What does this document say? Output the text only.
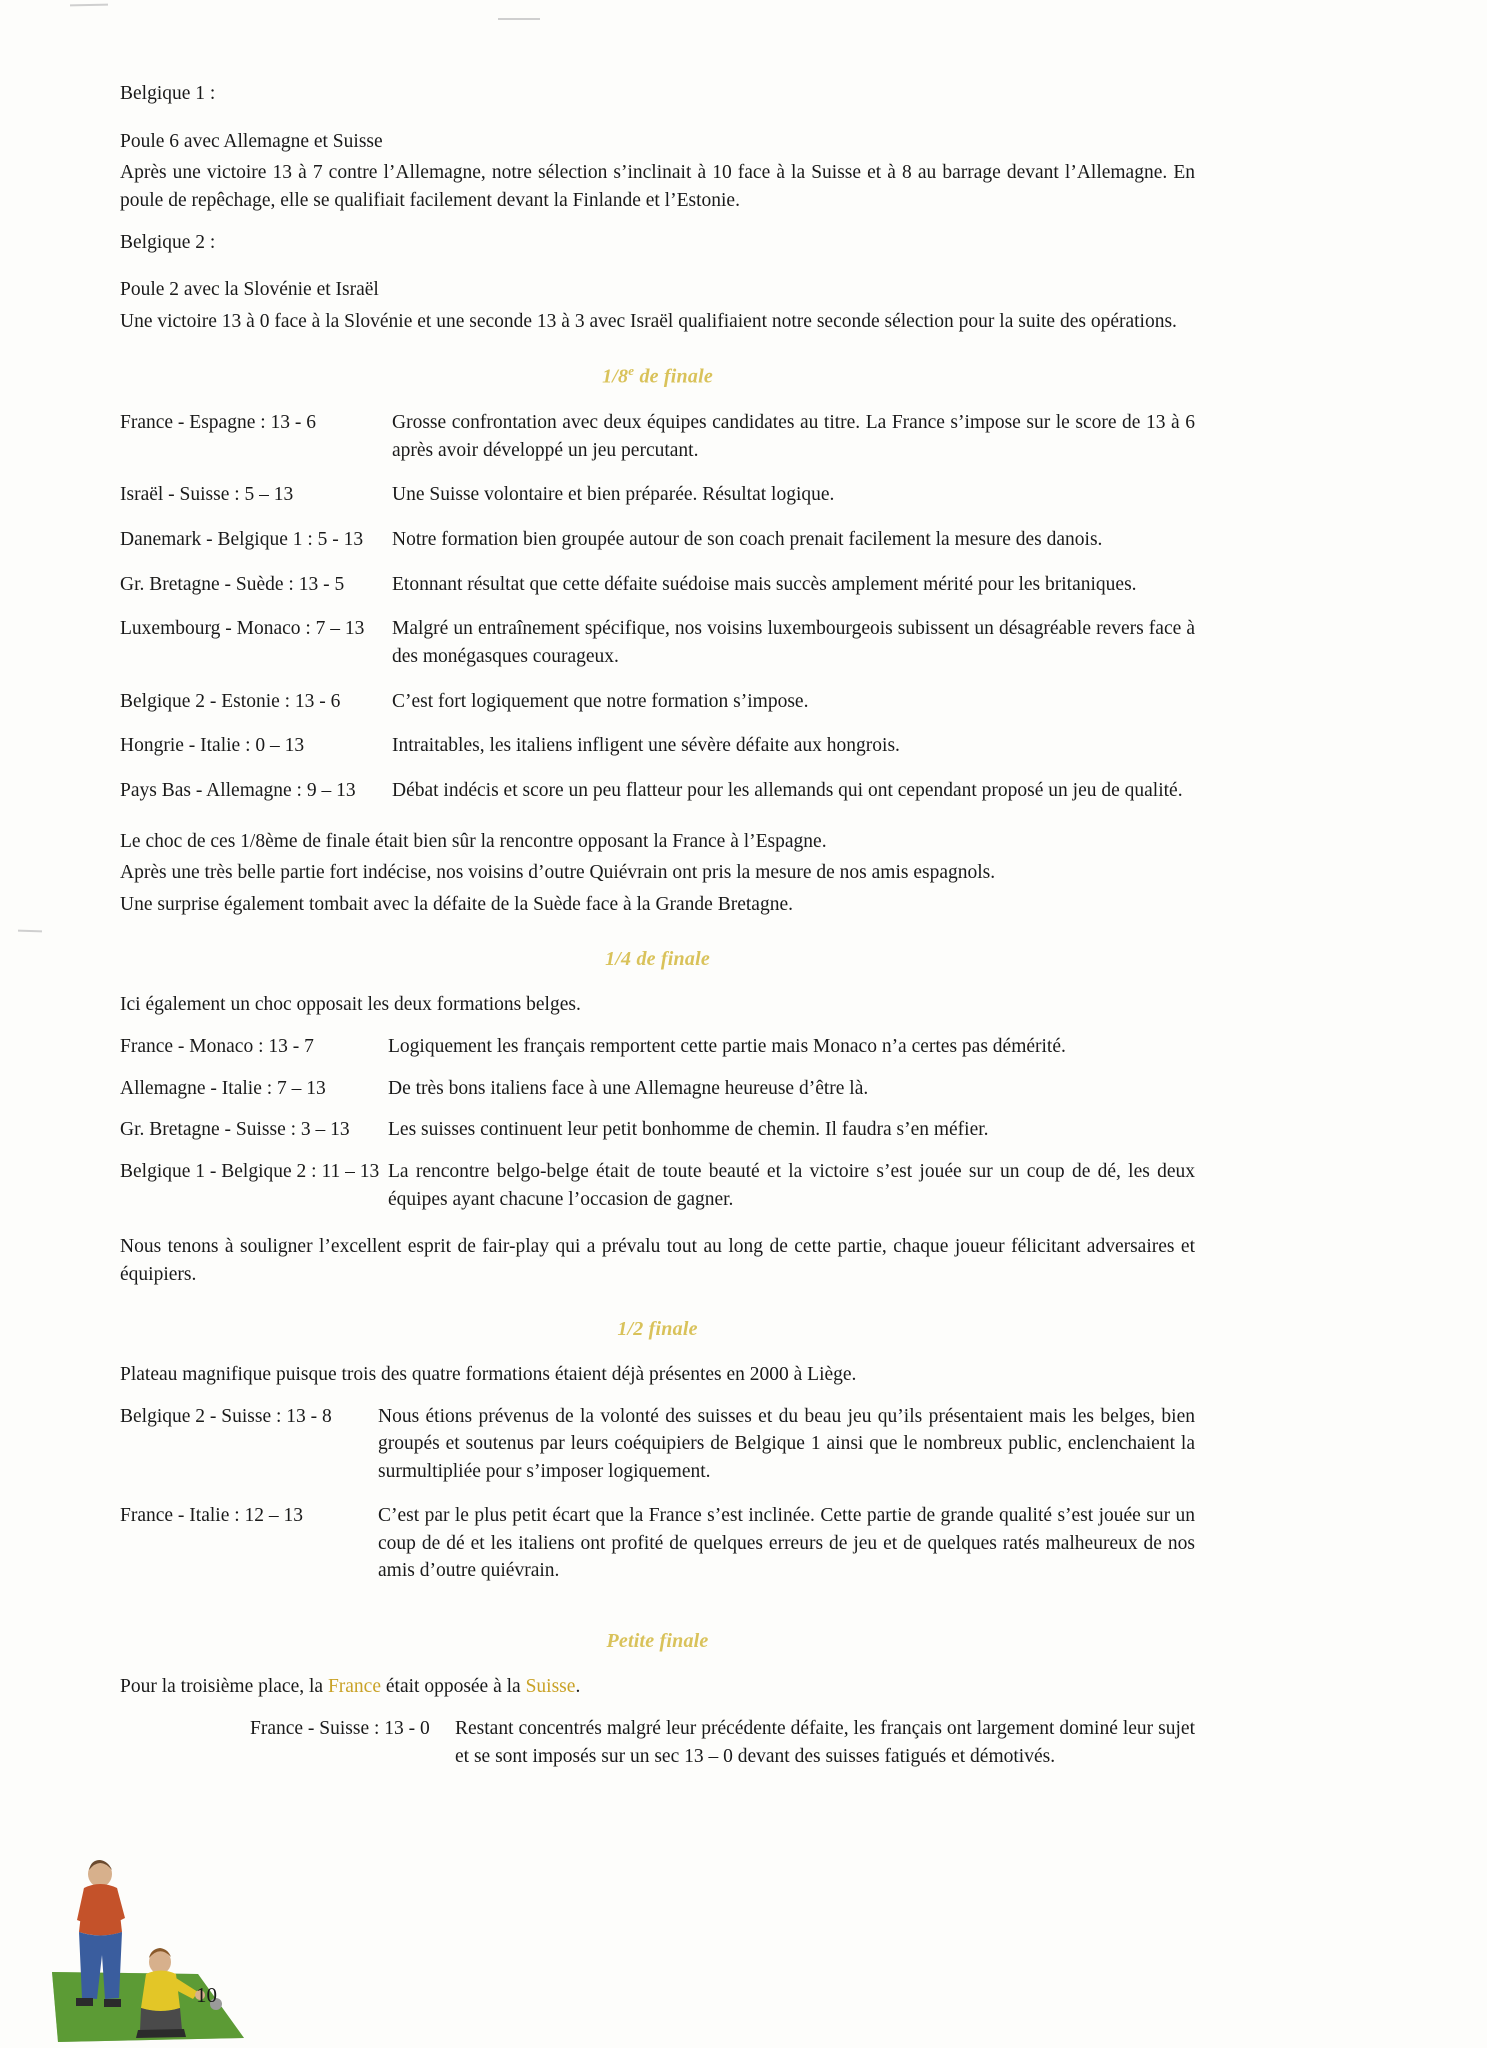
Belgique 1 :

Poule 6 avec Allemagne et Suisse

Après une victoire 13 à 7 contre l’Allemagne, notre sélection s’inclinait à 10 face à la Suisse et à 8 au barrage devant l’Allemagne. En poule de repêchage, elle se qualifiait facilement devant la Finlande et l’Estonie.

Belgique 2 :

Poule 2 avec la Slovénie et Israël

Une victoire 13 à 0 face à la Slovénie et une seconde 13 à 3 avec Israël qualifiaient notre seconde sélection pour la suite des opérations.

1/8e de finale
France - Espagne : 13 - 6	Grosse confrontation avec deux équipes candidates au titre. La France s’impose sur le score de 13 à 6 après avoir développé un jeu percutant.
Israël - Suisse : 5 – 13	Une Suisse volontaire et bien préparée. Résultat logique.
Danemark - Belgique 1 : 5 - 13	Notre formation bien groupée autour de son coach prenait facilement la mesure des danois.
Gr. Bretagne - Suède : 13 - 5	Etonnant résultat que cette défaite suédoise mais succès amplement mérité pour les britaniques.
Luxembourg - Monaco : 7 – 13	Malgré un entraînement spécifique, nos voisins luxembourgeois subissent un désagréable revers face à des monégasques courageux.
Belgique 2 - Estonie : 13 - 6	C’est fort logiquement que notre formation s’impose.
Hongrie - Italie : 0 – 13	Intraitables, les italiens infligent une sévère défaite aux hongrois.
Pays Bas - Allemagne : 9 – 13	Débat indécis et score un peu flatteur pour les allemands qui ont cependant proposé un jeu de qualité.

Le choc de ces 1/8ème de finale était bien sûr la rencontre opposant la France à l’Espagne.

Après une très belle partie fort indécise, nos voisins d’outre Quiévrain ont pris la mesure de nos amis espagnols.

Une surprise également tombait avec la défaite de la Suède face à la Grande Bretagne.

1/4 de finale

Ici également un choc opposait les deux formations belges.

France - Monaco : 13 - 7	Logiquement les français remportent cette partie mais Monaco n’a certes pas démérité.
Allemagne - Italie : 7 – 13	De très bons italiens face à une Allemagne heureuse d’être là.
Gr. Bretagne - Suisse : 3 – 13	Les suisses continuent leur petit bonhomme de chemin. Il faudra s’en méfier.
Belgique 1 - Belgique 2 : 11 – 13	La rencontre belgo-belge était de toute beauté et la victoire s’est jouée sur un coup de dé, les deux équipes ayant chacune l’occasion de gagner.

Nous tenons à souligner l’excellent esprit de fair-play qui a prévalu tout au long de cette partie, chaque joueur félicitant adversaires et équipiers.

1/2 finale

Plateau magnifique puisque trois des quatre formations étaient déjà présentes en 2000 à Liège.

Belgique 2 - Suisse : 13 - 8	Nous étions prévenus de la volonté des suisses et du beau jeu qu’ils présentaient mais les belges, bien groupés et soutenus par leurs coéquipiers de Belgique 1 ainsi que le nombreux public, enclenchaient la surmultipliée pour s’imposer logiquement.
France - Italie : 12 – 13	C’est par le plus petit écart que la France s’est inclinée. Cette partie de grande qualité s’est jouée sur un coup de dé et les italiens ont profité de quelques erreurs de jeu et de quelques ratés malheureux de nos amis d’outre quiévrain.
Petite finale

Pour la troisième place, la France était opposée à la Suisse.

France - Suisse : 13 - 0	Restant concentrés malgré leur précédente défaite, les français ont largement dominé leur sujet et se sont imposés sur un sec 13 – 0 devant des suisses fatigués et démotivés.
10
